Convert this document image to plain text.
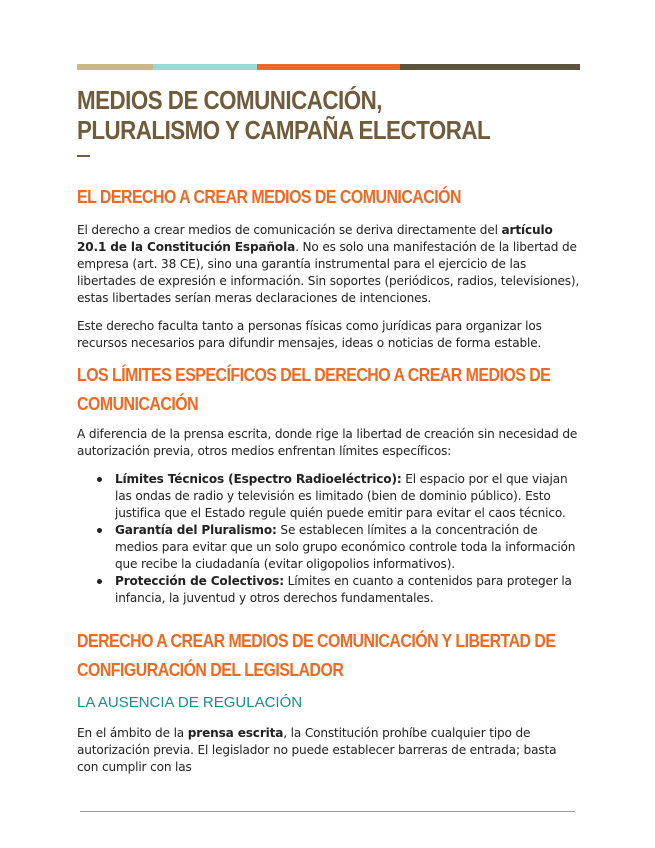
MEDIOS DE COMUNICACIÓN, PLURALISMO Y CAMPAÑA ELECTORAL
EL DERECHO A CREAR MEDIOS DE COMUNICACIÓN

El derecho a crear medios de comunicación se deriva directamente del artículo 20.1 de la Constitución Española. No es solo una manifestación de la libertad de empresa (art. 38 CE), sino una garantía instrumental para el ejercicio de las libertades de expresión e información. Sin soportes (periódicos, radios, televisiones), estas libertades serían meras declaraciones de intenciones.

Este derecho faculta tanto a personas físicas como jurídicas para organizar los recursos necesarios para difundir mensajes, ideas o noticias de forma estable.

LOS LÍMITES ESPECÍFICOS DEL DERECHO A CREAR MEDIOS DE COMUNICACIÓN

A diferencia de la prensa escrita, donde rige la libertad de creación sin necesidad de autorización previa, otros medios enfrentan límites específicos:

Límites Técnicos (Espectro Radioeléctrico): El espacio por el que viajan las ondas de radio y televisión es limitado (bien de dominio público). Esto justifica que el Estado regule quién puede emitir para evitar el caos técnico.
Garantía del Pluralismo: Se establecen límites a la concentración de medios para evitar que un solo grupo económico controle toda la información que recibe la ciudadanía (evitar oligopolios informativos).
Protección de Colectivos: Límites en cuanto a contenidos para proteger la infancia, la juventud y otros derechos fundamentales.
DERECHO A CREAR MEDIOS DE COMUNICACIÓN Y LIBERTAD DE CONFIGURACIÓN DEL LEGISLADOR
LA AUSENCIA DE REGULACIÓN

En el ámbito de la prensa escrita, la Constitución prohíbe cualquier tipo de autorización previa. El legislador no puede establecer barreras de entrada; basta con cumplir con las
